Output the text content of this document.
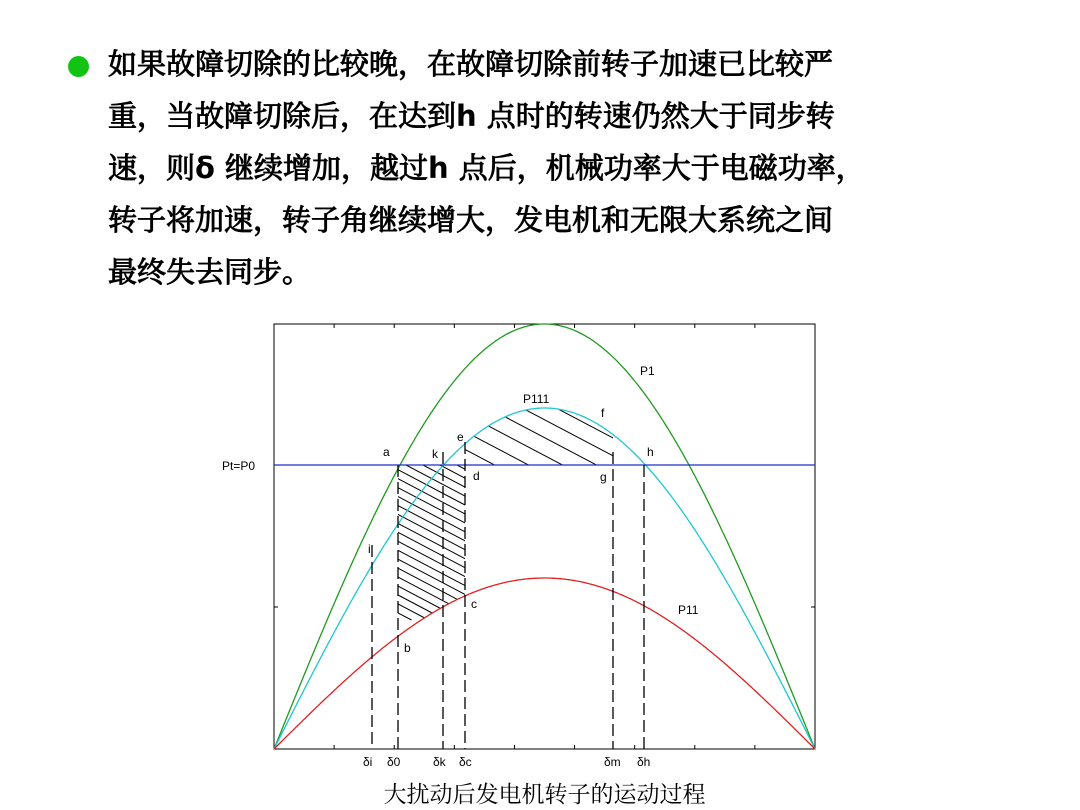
如果故障切除的比较晚，在故障切除前转子加速已比较严
重，当故障切除后，在达到h 点时的转速仍然大于同步转
速，则δ 继续增加，越过h 点后，机械功率大于电磁功率，
转子将加速，转子角继续增大，发电机和无限大系统之间
最终失去同步。

P1
P111
P11
Pt=P0
a
b
c
d
e
f
g
h
k
i
δi δ0	δk δc	δm δh
大扰动后发电机转子的运动过程
